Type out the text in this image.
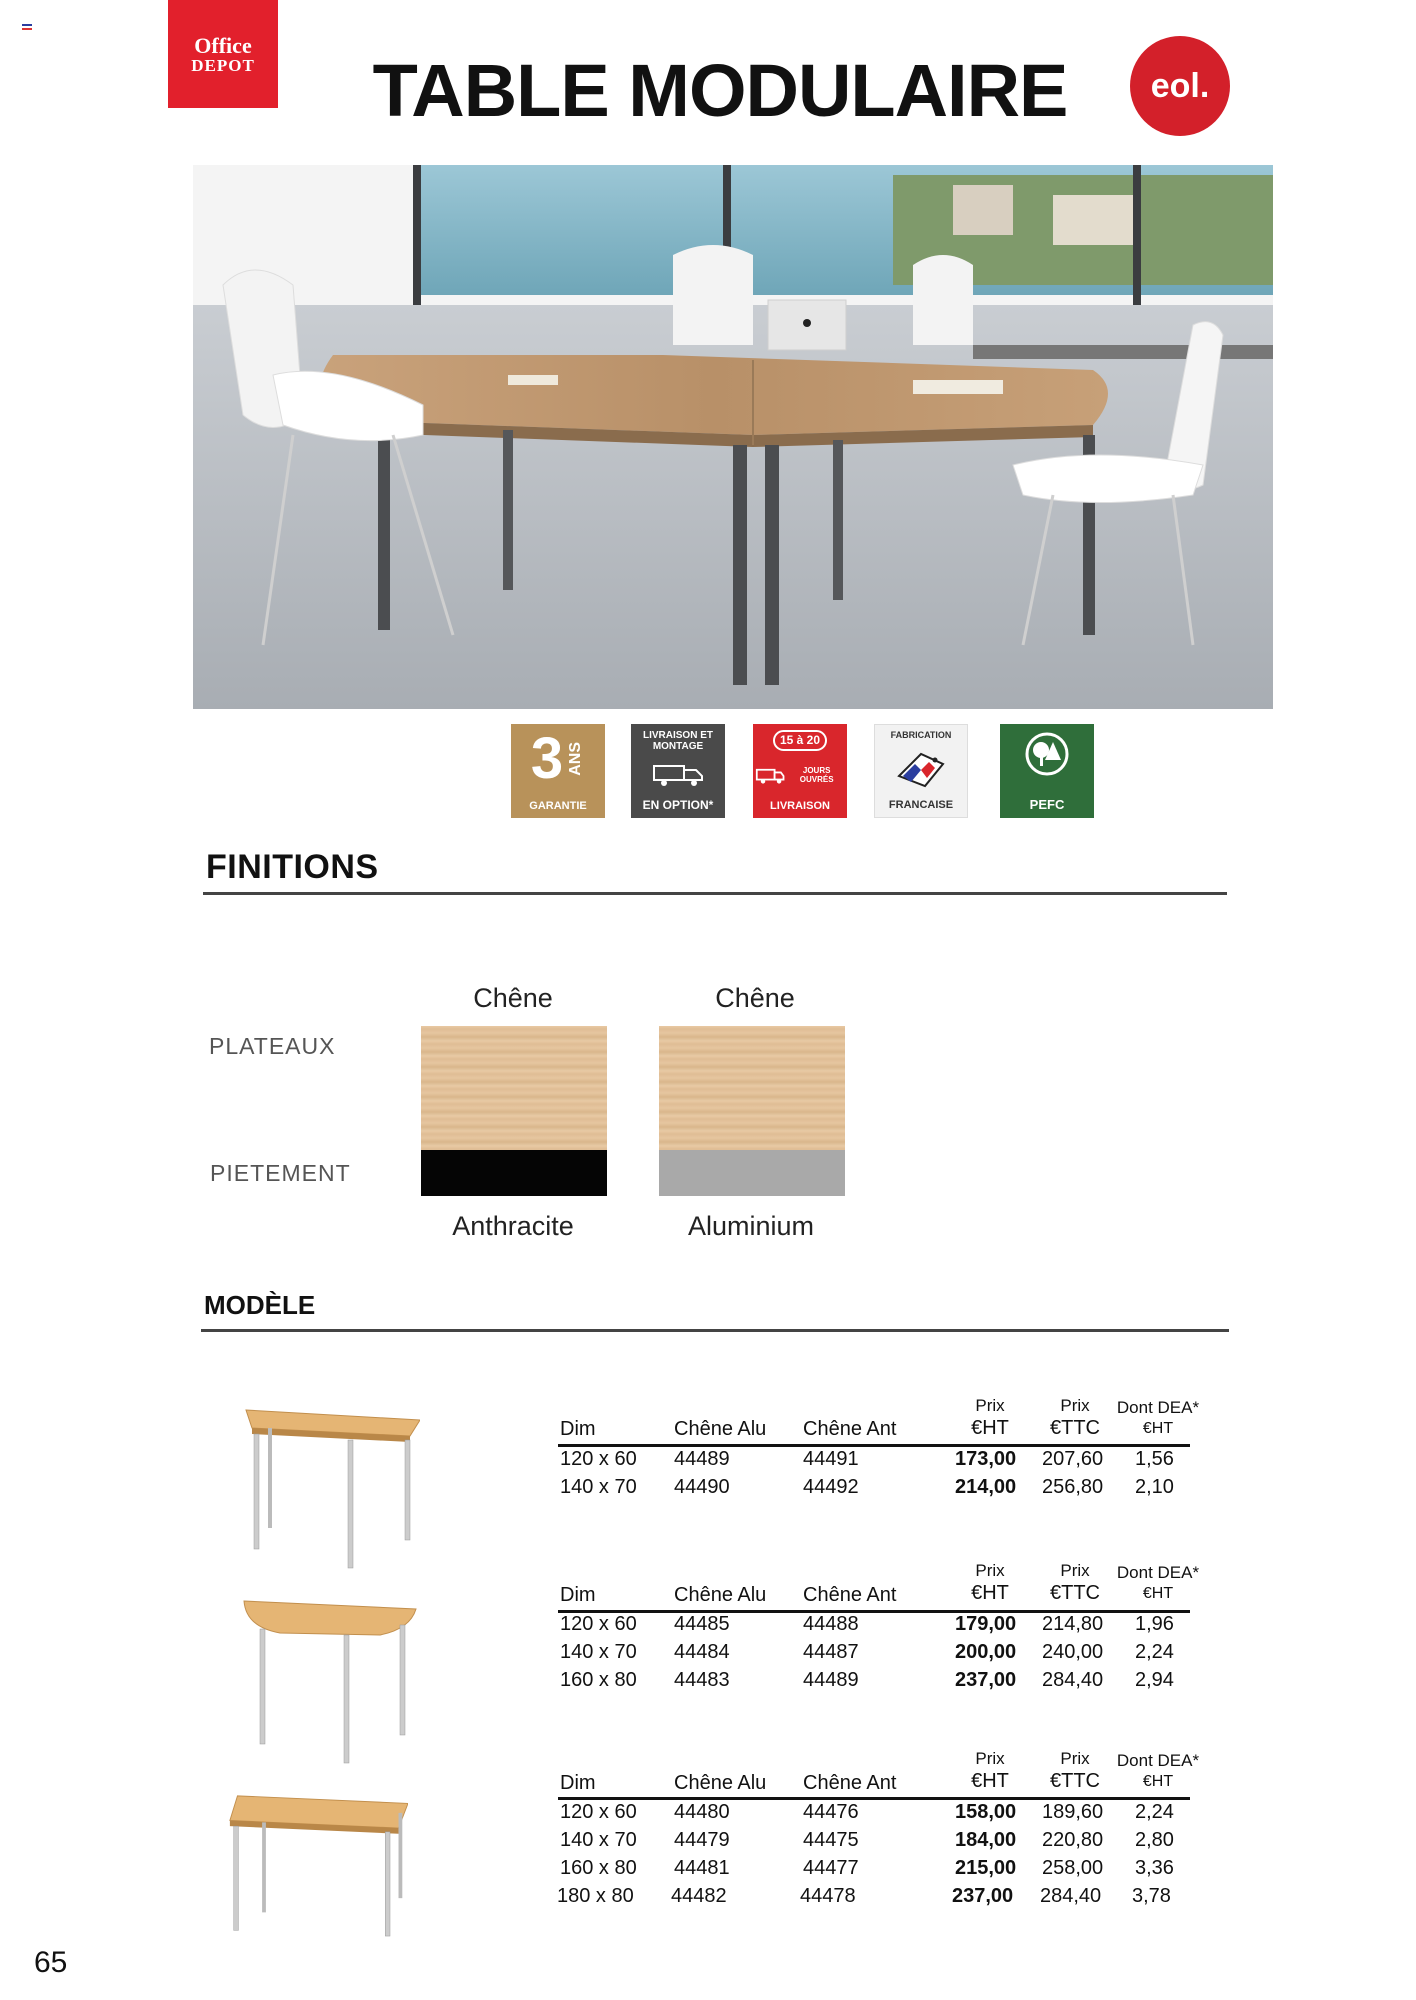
Office
DEPOT	TABLE MODULAIRE	eol.
3 ANS
GARANTIE
LIVRAISON ET MONTAGE
EN OPTION*
15 à 20
JOURS OUVRÉS
LIVRAISON
FABRICATION
FRANCAISE	PEFC
FINITIONS
PLATEAUX
PIETEMENT
Chêne
Anthracite
Chêne
Aluminium
MODÈLE
Prix
€HT
Prix
€TTC
Dont DEA*
€HT
Dim	Chêne Alu Chêne Ant
120 x 60 44489	44491	173,00 207,60 1,56
140 x 70 44490	44492	214,00 256,80 2,10
Prix
€HT
Prix
€TTC
Dont DEA*
€HT
Dim	Chêne Alu Chêne Ant
120 x 60 44485	44488	179,00 214,80 1,96
140 x 70 44484	44487	200,00 240,00 2,24
160 x 80 44483	44489	237,00 284,40 2,94
Prix
€HT
Prix
€TTC
Dont DEA*
€HT
Dim	Chêne Alu Chêne Ant
120 x 60 44480	44476	158,00 189,60 2,24
140 x 70 44479	44475	184,00 220,80 2,80
160 x 80 44481	44477	215,00 258,00 3,36
180 x 80 44482	44478	237,00 284,40 3,78
65
